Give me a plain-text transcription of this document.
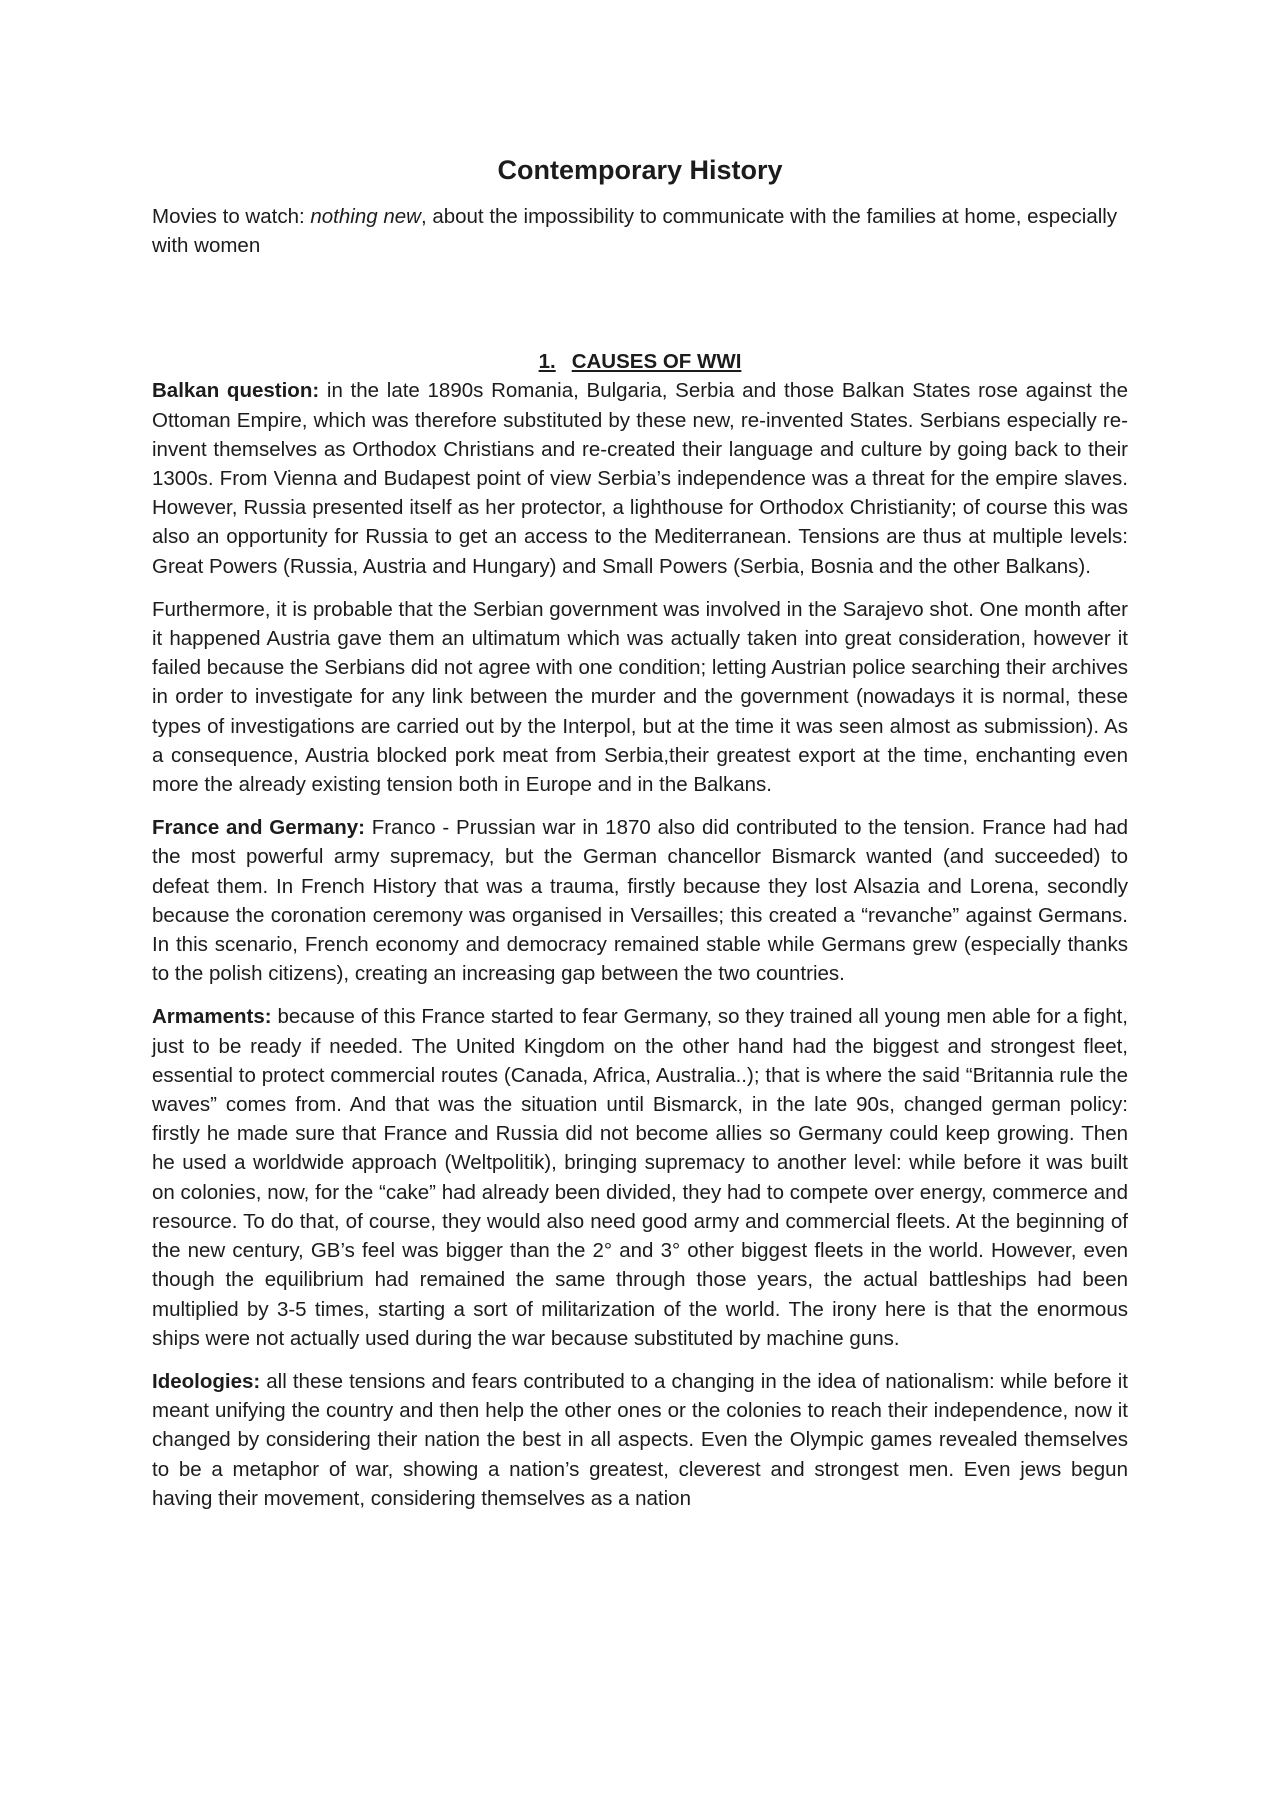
Contemporary History

Movies to watch: nothing new, about the impossibility to communicate with the families at home, especially with women

1. CAUSES OF WWI

Balkan question: in the late 1890s Romania, Bulgaria, Serbia and those Balkan States rose against the Ottoman Empire, which was therefore substituted by these new, re-invented States. Serbians especially re-invent themselves as Orthodox Christians and re-created their language and culture by going back to their 1300s. From Vienna and Budapest point of view Serbia’s independence was a threat for the empire slaves. However, Russia presented itself as her protector, a lighthouse for Orthodox Christianity; of course this was also an opportunity for Russia to get an access to the Mediterranean. Tensions are thus at multiple levels: Great Powers (Russia, Austria and Hungary) and Small Powers (Serbia, Bosnia and the other Balkans).

Furthermore, it is probable that the Serbian government was involved in the Sarajevo shot. One month after it happened Austria gave them an ultimatum which was actually taken into great consideration, however it failed because the Serbians did not agree with one condition; letting Austrian police searching their archives in order to investigate for any link between the murder and the government (nowadays it is normal, these types of investigations are carried out by the Interpol, but at the time it was seen almost as submission). As a consequence, Austria blocked pork meat from Serbia,their greatest export at the time, enchanting even more the already existing tension both in Europe and in the Balkans.

France and Germany: Franco - Prussian war in 1870 also did contributed to the tension. France had had the most powerful army supremacy, but the German chancellor Bismarck wanted (and succeeded) to defeat them. In French History that was a trauma, firstly because they lost Alsazia and Lorena, secondly because the coronation ceremony was organised in Versailles; this created a “revanche” against Germans. In this scenario, French economy and democracy remained stable while Germans grew (especially thanks to the polish citizens), creating an increasing gap between the two countries.

Armaments: because of this France started to fear Germany, so they trained all young men able for a fight, just to be ready if needed. The United Kingdom on the other hand had the biggest and strongest fleet, essential to protect commercial routes (Canada, Africa, Australia..); that is where the said “Britannia rule the waves” comes from. And that was the situation until Bismarck, in the late 90s, changed german policy: firstly he made sure that France and Russia did not become allies so Germany could keep growing. Then he used a worldwide approach (Weltpolitik), bringing supremacy to another level: while before it was built on colonies, now, for the “cake” had already been divided, they had to compete over energy, commerce and resource. To do that, of course, they would also need good army and commercial fleets. At the beginning of the new century, GB’s feel was bigger than the 2° and 3° other biggest fleets in the world. However, even though the equilibrium had remained the same through those years, the actual battleships had been multiplied by 3-5 times, starting a sort of militarization of the world. The irony here is that the enormous ships were not actually used during the war because substituted by machine guns.

Ideologies: all these tensions and fears contributed to a changing in the idea of nationalism: while before it meant unifying the country and then help the other ones or the colonies to reach their independence, now it changed by considering their nation the best in all aspects. Even the Olympic games revealed themselves to be a metaphor of war, showing a nation’s greatest, cleverest and strongest men. Even jews begun having their movement, considering themselves as a nation
